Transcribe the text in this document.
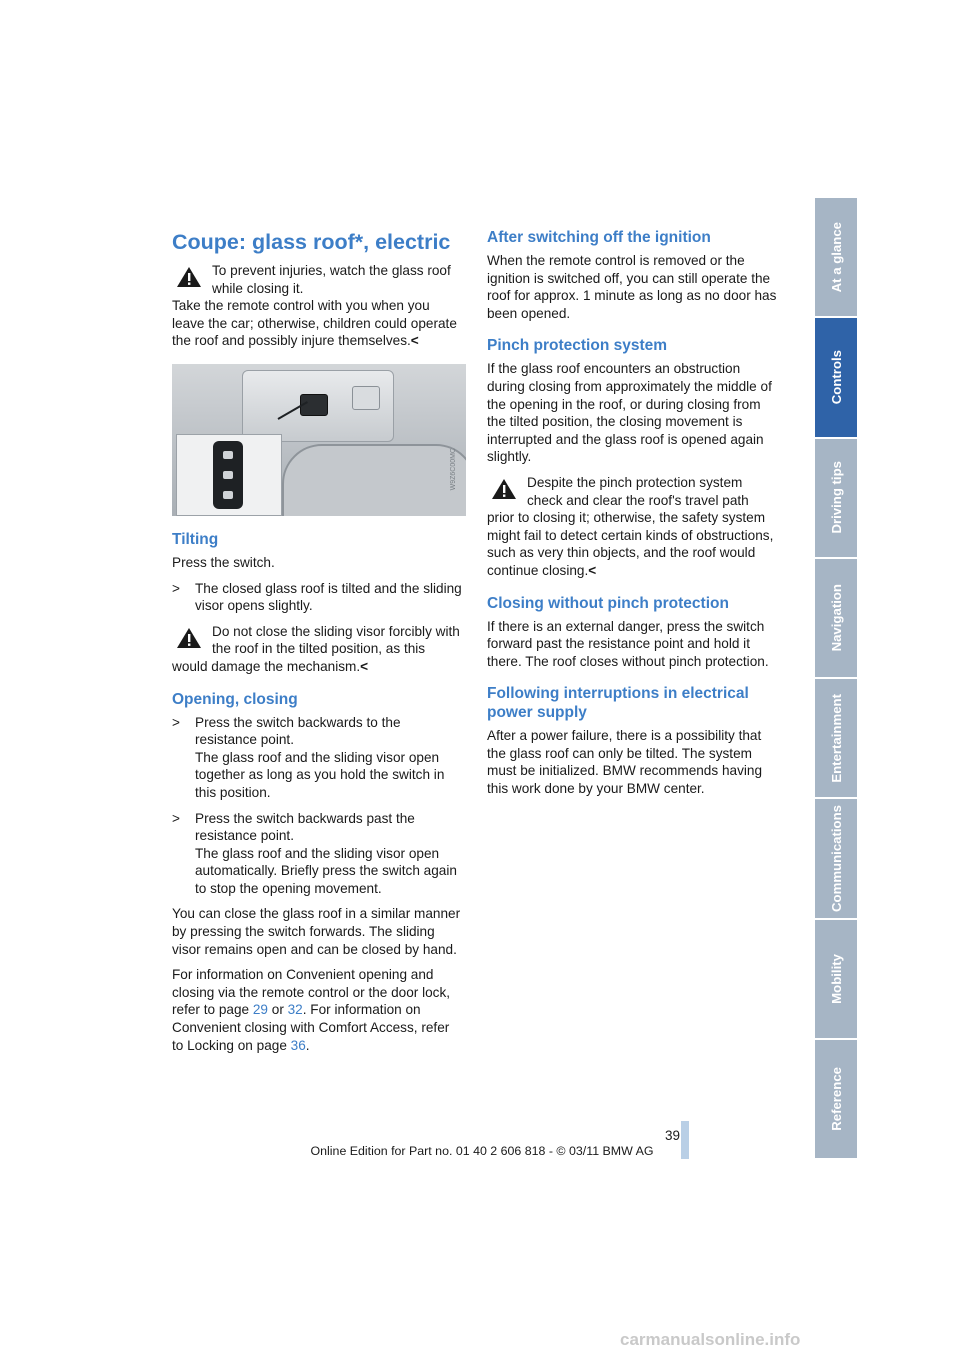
Coupe: glass roof*, electric
To prevent injuries, watch the glass roof while closing it.

Take the remote control with you when you leave the car; otherwise, children could operate the roof and possibly injure themselves.<

W9Z6C00MC
Tilting

Press the switch.

> The closed glass roof is tilted and the sliding visor opens slightly.
Do not close the sliding visor forcibly with the roof in the tilted position, as this would damage the mechanism.<
Opening, closing
> Press the switch backwards to the resistance point.
The glass roof and the sliding visor open together as long as you hold the switch in this position.
> Press the switch backwards past the resistance point.
The glass roof and the sliding visor open automatically. Briefly press the switch again to stop the opening movement.

You can close the glass roof in a similar manner by pressing the switch forwards. The sliding visor remains open and can be closed by hand.

For information on Convenient opening and closing via the remote control or the door lock, refer to page 29 or 32. For information on Convenient closing with Comfort Access, refer to Locking on page 36.

After switching off the ignition

When the remote control is removed or the ignition is switched off, you can still operate the roof for approx. 1 minute as long as no door has been opened.

Pinch protection system

If the glass roof encounters an obstruction during closing from approximately the middle of the opening in the roof, or during closing from the tilted position, the closing movement is interrupted and the glass roof is opened again slightly.

Despite the pinch protection system check and clear the roof's travel path prior to closing it; otherwise, the safety system might fail to detect certain kinds of obstructions, such as very thin objects, and the roof would continue closing.<
Closing without pinch protection

If there is an external danger, press the switch forward past the resistance point and hold it there. The roof closes without pinch protection.

Following interruptions in electrical power supply

After a power failure, there is a possibility that the glass roof can only be tilted. The system must be initialized. BMW recommends having this work done by your BMW center.

At a glance
Controls
Driving tips
Navigation
Entertainment
Communications
Mobility
Reference
39
Online Edition for Part no. 01 40 2 606 818 - © 03/11 BMW AG
carmanualsonline.info
